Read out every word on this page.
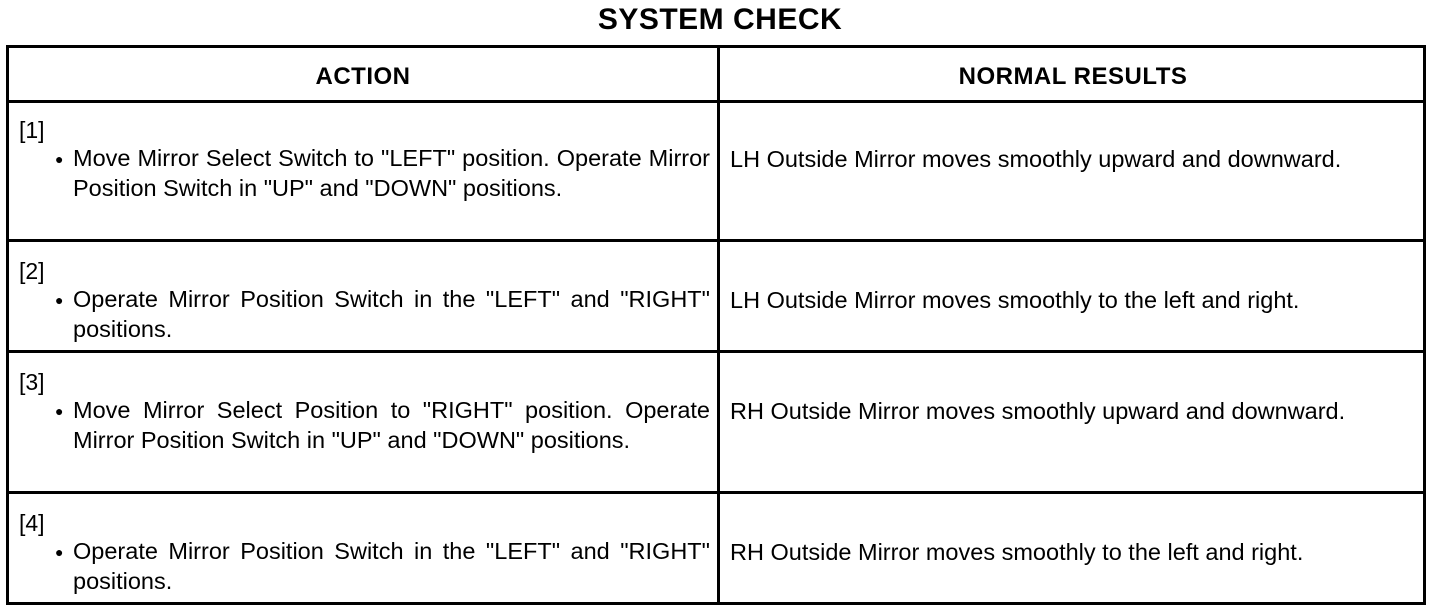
SYSTEM CHECK
ACTION	NORMAL RESULTS
[1]
● Move Mirror Select Switch to "LEFT" position. Operate Mirror Position Switch in "UP" and "DOWN" positions.
LH Outside Mirror moves smoothly upward and downward.
[2]
● Operate Mirror Position Switch in the "LEFT" and "RIGHT" positions.
LH Outside Mirror moves smoothly to the left and right.
[3]
● Move Mirror Select Position to "RIGHT" position. Operate Mirror Position Switch in "UP" and "DOWN" positions.
RH Outside Mirror moves smoothly upward and downward.
[4]
● Operate Mirror Position Switch in the "LEFT" and "RIGHT" positions.
RH Outside Mirror moves smoothly to the left and right.
